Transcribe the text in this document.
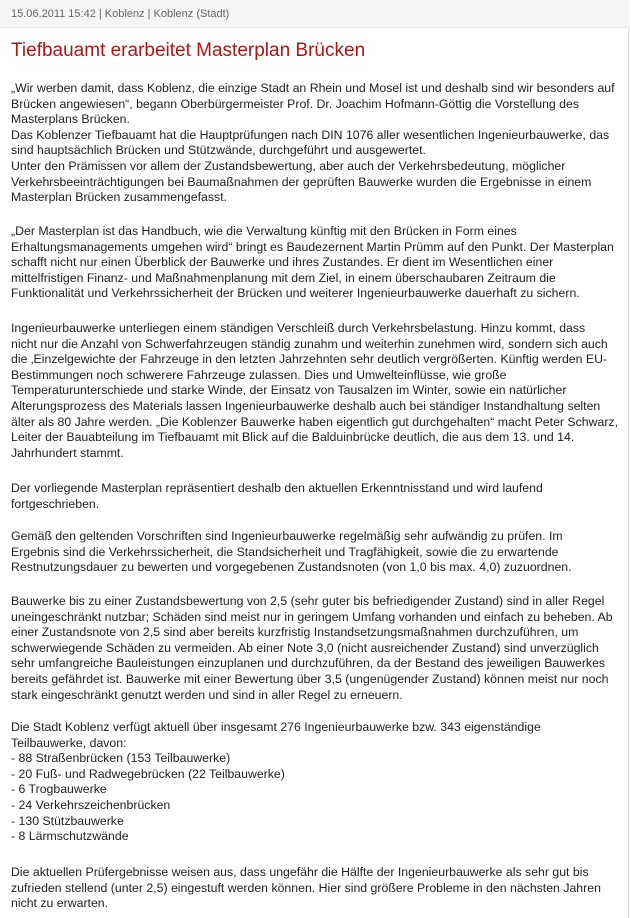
15.06.2011 15:42 | Koblenz | Koblenz (Stadt)
Tiefbauamt erarbeitet Masterplan Brücken
„Wir werben damit, dass Koblenz, die einzige Stadt an Rhein und Mosel ist und deshalb sind wir besonders auf
Brücken angewiesen“, begann Oberbürgermeister Prof. Dr. Joachim Hofmann-Göttig die Vorstellung des
Masterplans Brücken.
Das Koblenzer Tiefbauamt hat die Hauptprüfungen nach DIN 1076 aller wesentlichen Ingenieurbauwerke, das
sind hauptsächlich Brücken und Stützwände, durchgeführt und ausgewertet.
Unter den Prämissen vor allem der Zustandsbewertung, aber auch der Verkehrsbedeutung, möglicher
Verkehrsbeeinträchtigungen bei Baumaßnahmen der geprüften Bauwerke wurden die Ergebnisse in einem
Masterplan Brücken zusammengefasst.
„Der Masterplan ist das Handbuch, wie die Verwaltung künftig mit den Brücken in Form eines
Erhaltungsmanagements umgehen wird“ bringt es Baudezernent Martin Prümm auf den Punkt. Der Masterplan
schafft nicht nur einen Überblick der Bauwerke und ihres Zustandes. Er dient im Wesentlichen einer
mittelfristigen Finanz- und Maßnahmenplanung mit dem Ziel, in einem überschaubaren Zeitraum die
Funktionalität und Verkehrssicherheit der Brücken und weiterer Ingenieurbauwerke dauerhaft zu sichern.
Ingenieurbauwerke unterliegen einem ständigen Verschleiß durch Verkehrsbelastung. Hinzu kommt, dass
nicht nur die Anzahl von Schwerfahrzeugen ständig zunahm und weiterhin zunehmen wird, sondern sich auch
die ‚Einzelgewichte der Fahrzeuge in den letzten Jahrzehnten sehr deutlich vergrößerten. Künftig werden EU-
Bestimmungen noch schwerere Fahrzeuge zulassen. Dies und Umwelteinflüsse, wie große
Temperaturunterschiede und starke Winde, der Einsatz von Tausalzen im Winter, sowie ein natürlicher
Alterungsprozess des Materials lassen Ingenieurbauwerke deshalb auch bei ständiger Instandhaltung selten
älter als 80 Jahre werden. „Die Koblenzer Bauwerke haben eigentlich gut durchgehalten“ macht Peter Schwarz,
Leiter der Bauabteilung im Tiefbauamt mit Blick auf die Balduinbrücke deutlich, die aus dem 13. und 14.
Jahrhundert stammt.
Der vorliegende Masterplan repräsentiert deshalb den aktuellen Erkenntnisstand und wird laufend
fortgeschrieben.
Gemäß den geltenden Vorschriften sind Ingenieurbauwerke regelmäßig sehr aufwändig zu prüfen. Im
Ergebnis sind die Verkehrssicherheit, die Standsicherheit und Tragfähigkeit, sowie die zu erwartende
Restnutzungsdauer zu bewerten und vorgegebenen Zustandsnoten (von 1,0 bis max. 4,0) zuzuordnen.
Bauwerke bis zu einer Zustandsbewertung von 2,5 (sehr guter bis befriedigender Zustand) sind in aller Regel
uneingeschränkt nutzbar; Schäden sind meist nur in geringem Umfang vorhanden und einfach zu beheben. Ab
einer Zustandsnote von 2,5 sind aber bereits kurzfristig Instandsetzungsmaßnahmen durchzuführen, um
schwerwiegende Schäden zu vermeiden. Ab einer Note 3,0 (nicht ausreichender Zustand) sind unverzüglich
sehr umfangreiche Bauleistungen einzuplanen und durchzuführen, da der Bestand des jeweiligen Bauwerkes
bereits gefährdet ist. Bauwerke mit einer Bewertung über 3,5 (ungenügender Zustand) können meist nur noch
stark eingeschränkt genutzt werden und sind in aller Regel zu erneuern.
Die Stadt Koblenz verfügt aktuell über insgesamt 276 Ingenieurbauwerke bzw. 343 eigenständige
Teilbauwerke, davon:
- 88 Straßenbrücken (153 Teilbauwerke)
- 20 Fuß- und Radwegebrücken (22 Teilbauwerke)
- 6 Trogbauwerke
- 24 Verkehrszeichenbrücken
- 130 Stützbauwerke
- 8 Lärmschutzwände
Die aktuellen Prüfergebnisse weisen aus, dass ungefähr die Hälfte der Ingenieurbauwerke als sehr gut bis
zufrieden stellend (unter 2,5) eingestuft werden können. Hier sind größere Probleme in den nächsten Jahren
nicht zu erwarten.
